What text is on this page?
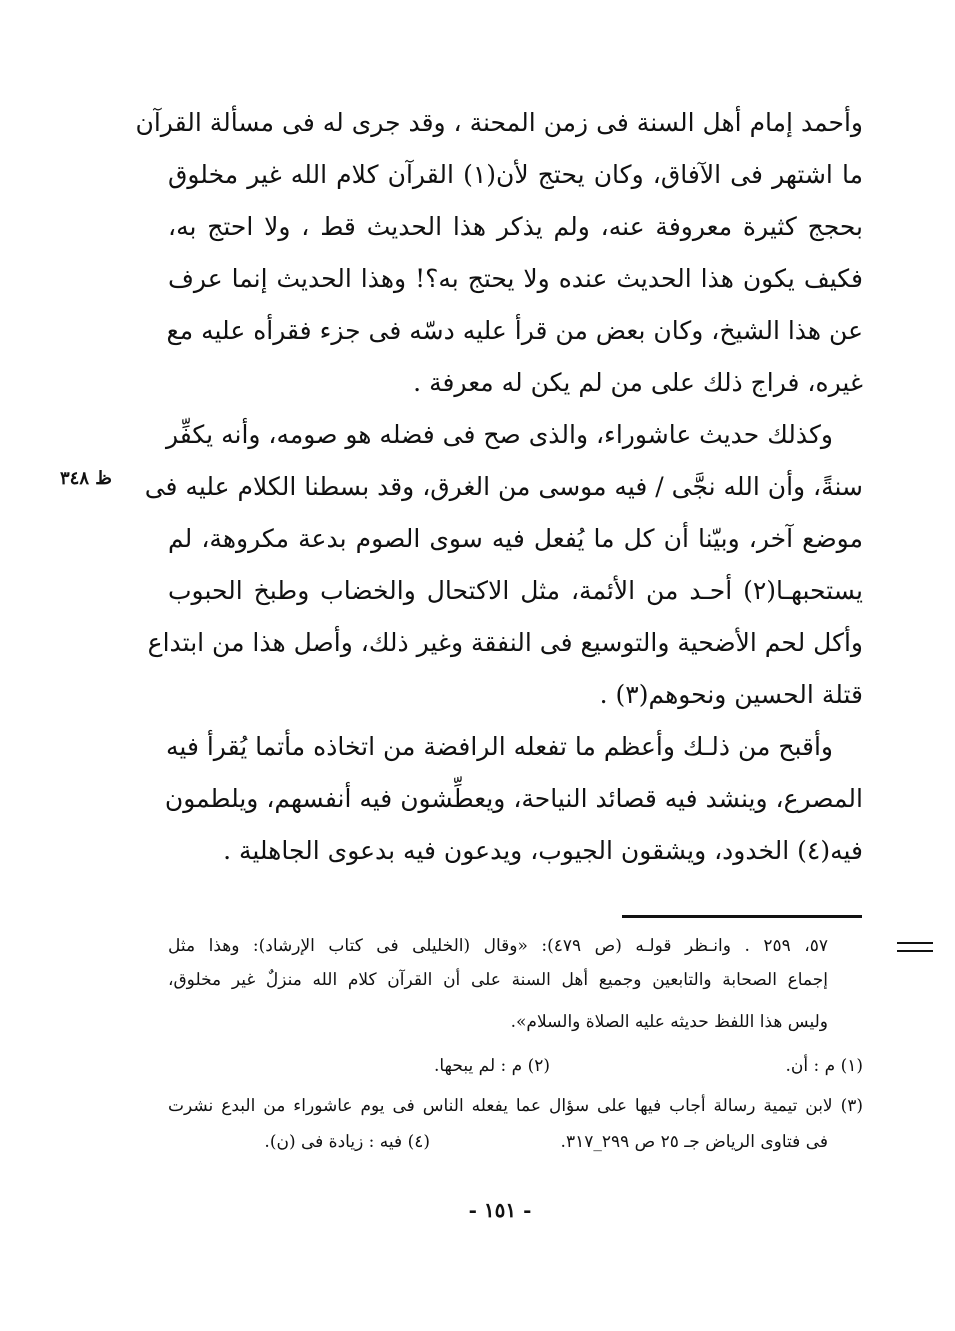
وأحمد إمام أهل السنة فى زمن المحنة ، وقد جرى له فى مسألة القرآن
ما اشتهر فى الآفاق، وكان يحتج لأن(١) القرآن كلام الله غير مخلوق
بحجج كثيرة معروفة عنه، ولم يذكر هذا الحديث قط ، ولا احتج به،
فكيف يكون هذا الحديث عنده ولا يحتج به؟! وهذا الحديث إنما عرف
عن هذا الشيخ، وكان بعض من قرأ عليه دسّه فى جزء فقرأه عليه مع
غيره، فراج ذلك على من لم يكن له معرفة .
وكذلك حديث عاشوراء، والذى صح فى فضله هو صومه، وأنه يكفِّر
سنةً، وأن الله نجَّى / فيه موسى من الغرق، وقد بسطنا الكلام عليه فى
موضع آخر، وبيّنا أن كل ما يُفعل فيه سوى الصوم بدعة مكروهة، لم
يستحبهـا(٢) أحـد من الأئمة، مثل الاكتحال والخضاب وطبخ الحبوب
وأكل لحم الأضحية والتوسيع فى النفقة وغير ذلك، وأصل هذا من ابتداع
قتلة الحسين ونحوهم(٣) .
وأقبح من ذلـك وأعظم ما تفعله الرافضة من اتخاذه مأتما يُقرأ فيه
المصرع، وينشد فيه قصائد النياحة، ويعطِّشون فيه أنفسهم، ويلطمون
فيه(٤) الخدود، ويشقون الجيوب، ويدعون فيه بدعوى الجاهلية .
ظ ٣٤٨
٥٧، ٢٥٩ . وانـظر قولـه (ص ٤٧٩): «وقال (الخليلى فى كتاب الإرشاد): وهذا مثل
إجماع الصحابة والتابعين وجميع أهل السنة على أن القرآن كلام الله منزلٌ غير مخلوق،
وليس هذا اللفظ حديثه عليه الصلاة والسلام».
(١) م : أن.
(٢) م : لم يبحها.
(٣) لابن تيمية رسالة أجاب فيها على سؤال عما يفعله الناس فى يوم عاشوراء من البدع نشرت
فى فتاوى الرياض جـ ٢٥ ص ٢٩٩_٣١٧.
(٤) فيه : زيادة فى (ن).
- ١٥١ -
